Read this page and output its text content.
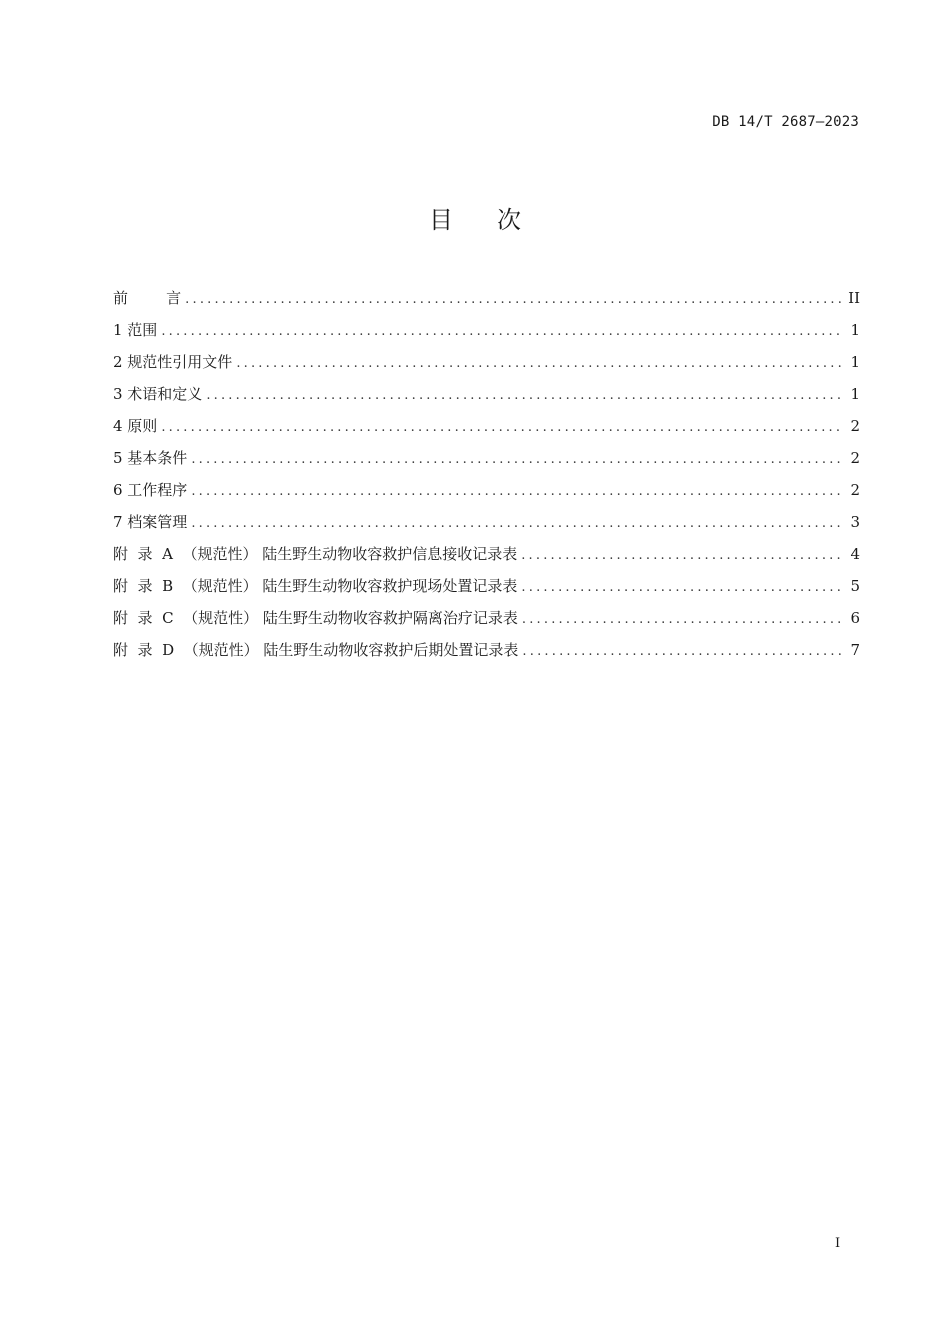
DB 14/T 2687—2023
目次
前        言 .....	II
1 范围 .....	1
2 规范性引用文件 .....	1
3 术语和定义 .....	1
4 原则 .....	2
5 基本条件 .....	2
6 工作程序 .....	2
7 档案管理 .....	3
附  录  A  （规范性） 陆生野生动物收容救护信息接收记录表 .....	4
附  录  B  （规范性） 陆生野生动物收容救护现场处置记录表 .....	5
附  录  C  （规范性） 陆生野生动物收容救护隔离治疗记录表 .....	6
附  录  D  （规范性） 陆生野生动物收容救护后期处置记录表 .....	7
I
